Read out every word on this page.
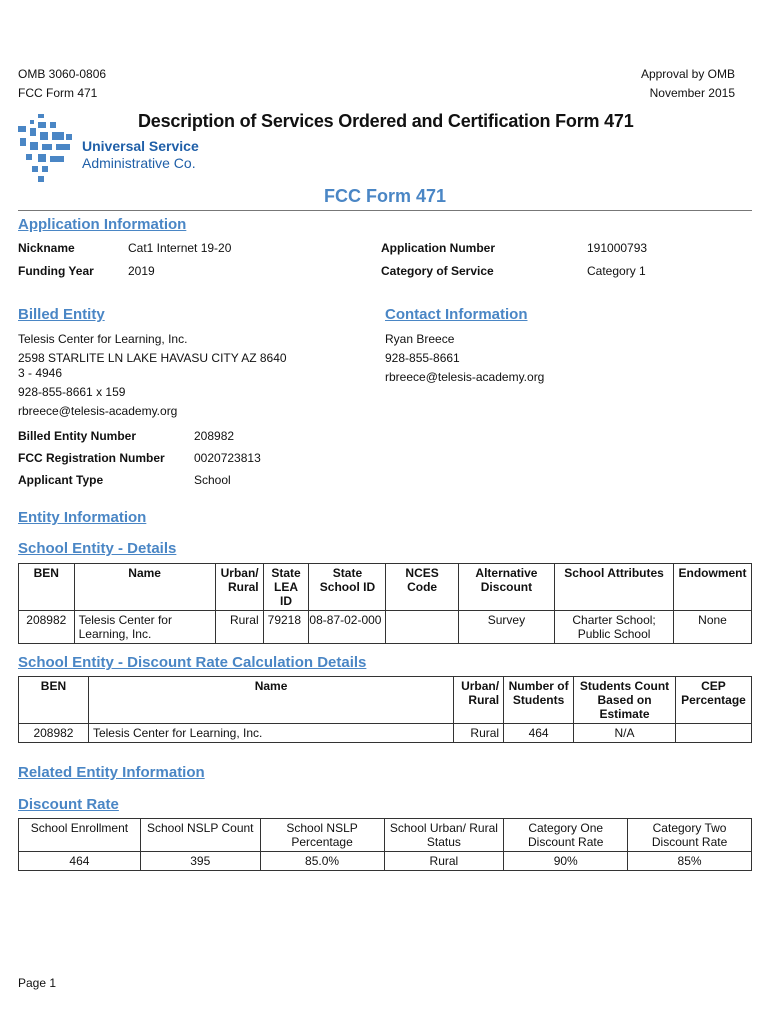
OMB 3060-0806
FCC Form 471
Approval by OMB
November 2015
Universal Service
Administrative Co.
Description of Services Ordered and Certification Form 471
FCC Form 471
Application Information
Nickname	Cat1 Internet 19-20
Funding Year	2019
Application Number	191000793
Category of Service	Category 1
Billed Entity
Telesis Center for Learning, Inc.
2598 STARLITE LN LAKE HAVASU CITY AZ 8640
3 - 4946
928-855-8661 x 159
rbreece@telesis-academy.org
Billed Entity Number	208982
FCC Registration Number 0020723813
Applicant Type	School
Contact Information
Ryan Breece
928-855-8661
rbreece@telesis-academy.org
Entity Information
School Entity - Details
BEN	Name	Urban/ Rural	State LEA ID	State School ID	NCES Code	Alternative Discount	School Attributes	Endowment
208982	Telesis Center for Learning, Inc.	Rural	79218	08-87-02-000		Survey	Charter School; Public School	None
School Entity - Discount Rate Calculation Details
BEN	Name	Urban/ Rural	Number of Students	Students Count Based on Estimate	CEP Percentage
208982	Telesis Center for Learning, Inc.	Rural	464	N/A	
Related Entity Information
Discount Rate
School Enrollment	School NSLP Count	School NSLP Percentage	School Urban/ Rural Status	Category One Discount Rate	Category Two Discount Rate
464	395	85.0%	Rural	90%	85%
Page 1
